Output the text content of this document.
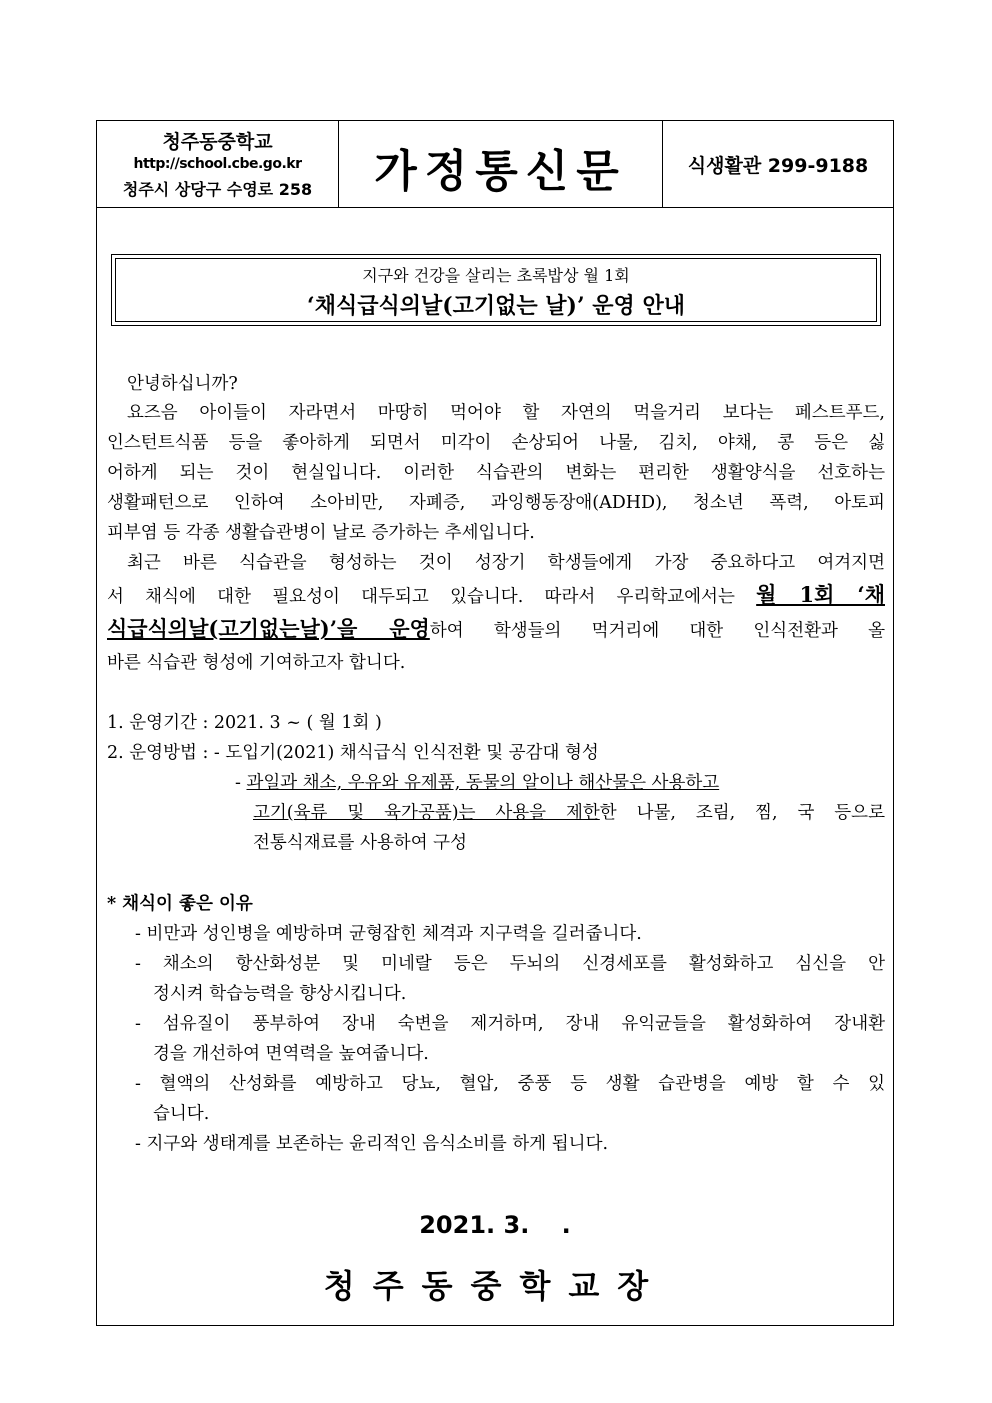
청주동중학교
http://school.cbe.go.kr
청주시 상당구 수영로 258	가정통신문	식생활관 299-9188
지구와 건강을 살리는 초록밥상 월 1회
‘채식급식의날(고기없는 날)’ 운영 안내
안녕하십니까?
요즈음 아이들이 자라면서 마땅히 먹어야 할 자연의 먹을거리 보다는 페스트푸드,
인스턴트식품 등을 좋아하게 되면서 미각이 손상되어 나물, 김치, 야채, 콩 등은 싫
어하게 되는 것이 현실입니다. 이러한 식습관의 변화는 편리한 생활양식을 선호하는
생활패턴으로 인하여 소아비만, 자폐증, 과잉행동장애(ADHD), 청소년 폭력, 아토피
피부염 등 각종 생활습관병이 날로 증가하는 추세입니다.
최근 바른 식습관을 형성하는 것이 성장기 학생들에게 가장 중요하다고 여겨지면
서 채식에 대한 필요성이 대두되고 있습니다. 따라서 우리학교에서는 월 1회 ‘채
식급식의날(고기없는날)’을 운영하여 학생들의 먹거리에 대한 인식전환과 올
바른 식습관 형성에 기여하고자 합니다.
1. 운영기간 : 2021. 3 ~ ( 월 1회 )
2. 운영방법 : - 도입기(2021) 채식급식 인식전환 및 공감대 형성
- 과일과 채소, 우유와 유제품, 동물의 알이나 해산물은 사용하고
고기(육류 및 육가공품)는 사용을 제한한 나물, 조림, 찜, 국 등으로
전통식재료를 사용하여 구성
* 채식이 좋은 이유
- 비만과 성인병을 예방하며 균형잡힌 체격과 지구력을 길러줍니다.
- 채소의 항산화성분 및 미네랄 등은 두뇌의 신경세포를 활성화하고 심신을 안
정시켜 학습능력을 향상시킵니다.
- 섬유질이 풍부하여 장내 숙변을 제거하며, 장내 유익균들을 활성화하여 장내환
경을 개선하여 면역력을 높여줍니다.
- 혈액의 산성화를 예방하고 당뇨, 혈압, 중풍 등 생활 습관병을 예방 할 수 있
습니다.
- 지구와 생태계를 보존하는 윤리적인 음식소비를 하게 됩니다.
2021. 3.　 .
청주동중학교장
